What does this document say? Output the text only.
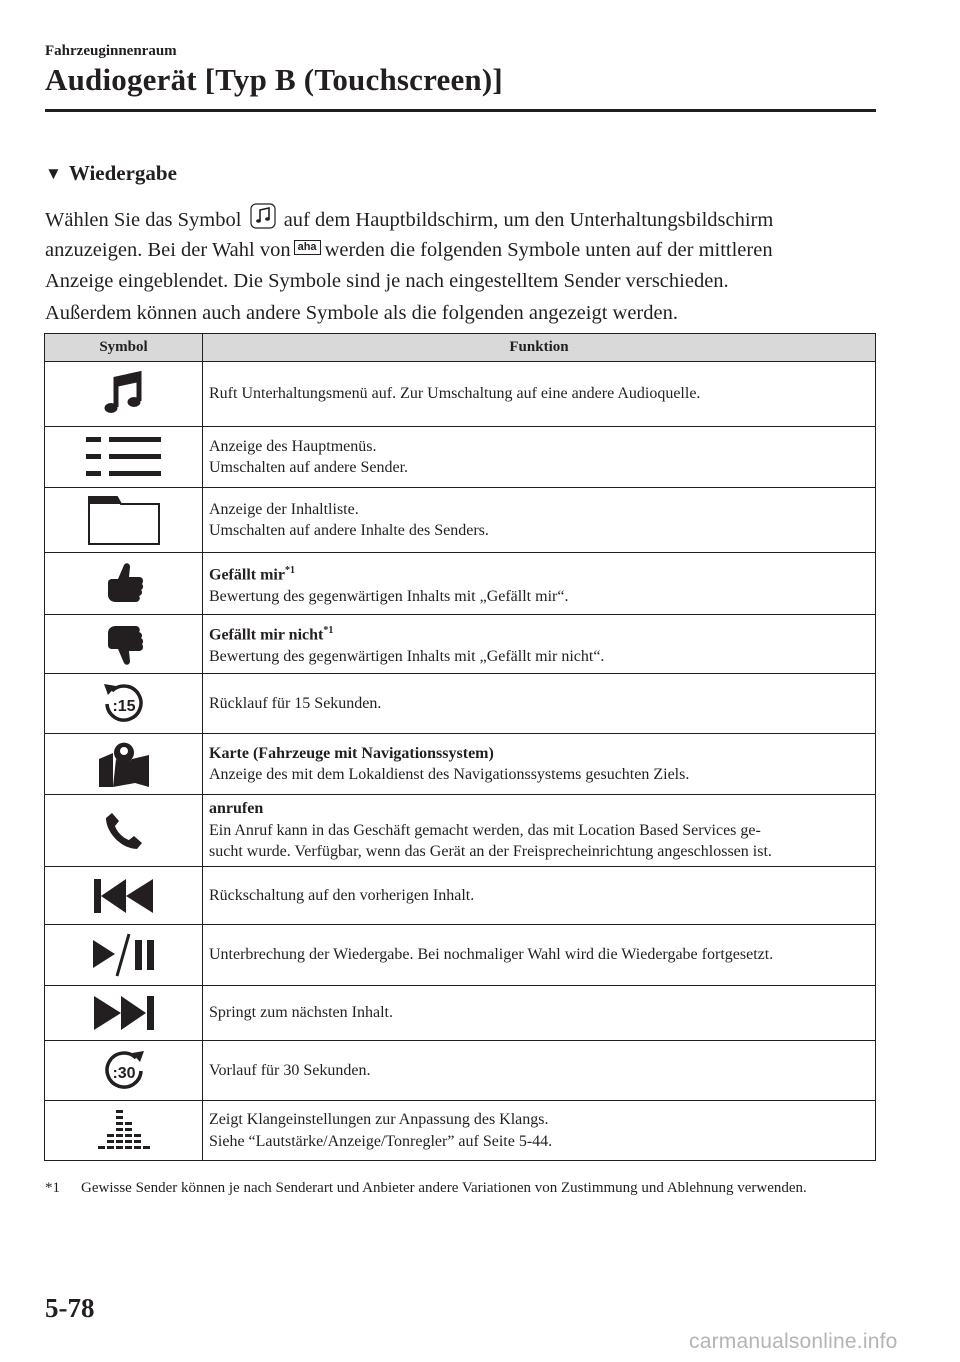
Fahrzeuginnenraum
Audiogerät [Typ B (Touchscreen)]
▼ Wiedergabe
Wählen Sie das Symbol auf dem Hauptbildschirm, um den Unterhaltungsbildschirm
anzuzeigen. Bei der Wahl von aha werden die folgenden Symbole unten auf der mittleren
Anzeige eingeblendet. Die Symbole sind je nach eingestelltem Sender verschieden.
Außerdem können auch andere Symbole als die folgenden angezeigt werden.
Symbol	Funktion

Ruft Unterhaltungsmenü auf. Zur Umschaltung auf eine andere Audioquelle.

Anzeige des Hauptmenüs.
Umschalten auf andere Sender.

Anzeige der Inhaltliste.
Umschalten auf andere Inhalte des Senders.

Gefällt mir$^{*1}$
Bewertung des gegenwärtigen Inhalts mit „Gefällt mir“.

Gefällt mir nicht$^{*1}$
Bewertung des gegenwärtigen Inhalts mit „Gefällt mir nicht“.

:15	Rücklauf für 15 Sekunden.

Karte (Fahrzeuge mit Navigationssystem)
Anzeige des mit dem Lokaldienst des Navigationssystems gesuchten Ziels.

anrufen
Ein Anruf kann in das Geschäft gemacht werden, das mit Location Based Services ge-
sucht wurde. Verfügbar, wenn das Gerät an der Freisprecheinrichtung angeschlossen ist.

Rückschaltung auf den vorherigen Inhalt.

Unterbrechung der Wiedergabe. Bei nochmaliger Wahl wird die Wiedergabe fortgesetzt.

Springt zum nächsten Inhalt.

:30	Vorlauf für 30 Sekunden.

Zeigt Klangeinstellungen zur Anpassung des Klangs.
Siehe “Lautstärke/Anzeige/Tonregler” auf Seite 5-44.
*1 Gewisse Sender können je nach Senderart und Anbieter andere Variationen von Zustimmung und Ablehnung verwenden.
5-78
carmanualsonline.info
